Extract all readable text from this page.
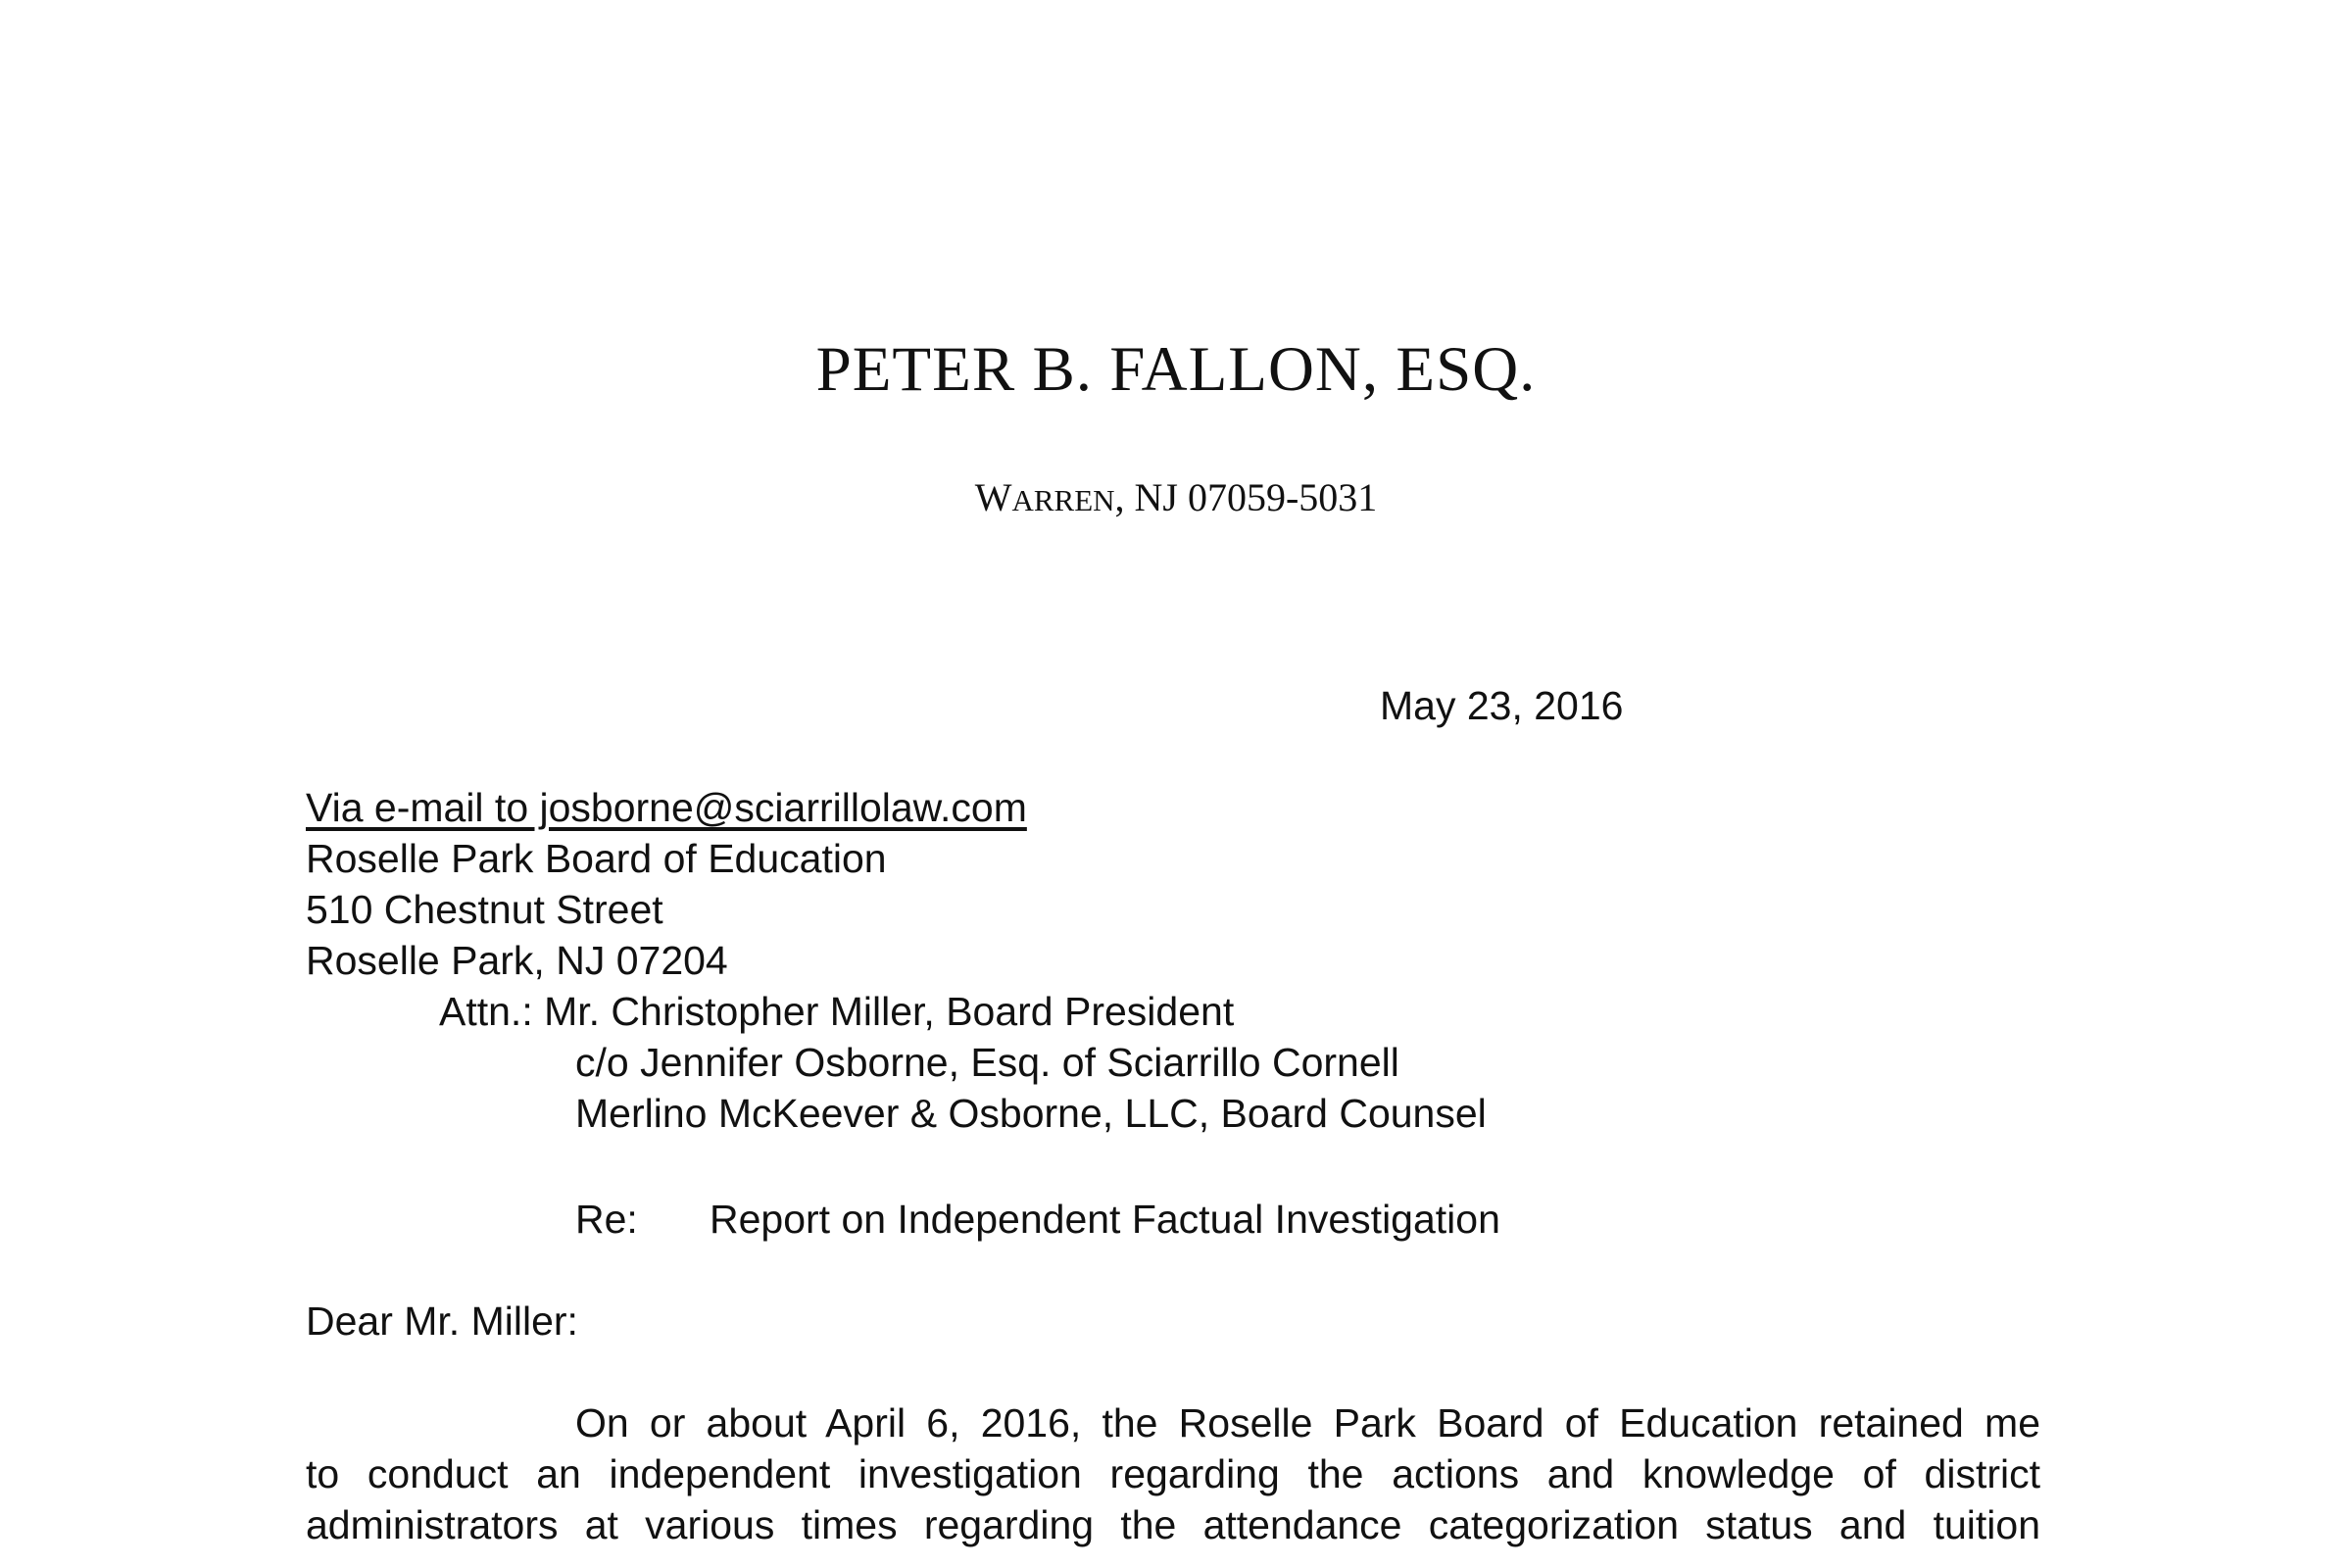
PETER B. FALLON, ESQ.
WARREN, NJ 07059-5031
May 23, 2016
Via e-mail to josborne@sciarrillolaw.com
Roselle Park Board of Education
510 Chestnut Street
Roselle Park, NJ 07204
Attn.: Mr. Christopher Miller, Board President
c/o Jennifer Osborne, Esq. of Sciarrillo Cornell
Merlino McKeever & Osborne, LLC, Board Counsel
Re: Report on Independent Factual Investigation
Dear Mr. Miller:
On or about April 6, 2016, the Roselle Park Board of Education retained me
to conduct an independent investigation regarding the actions and knowledge of district
administrators at various times regarding the attendance categorization status and tuition
